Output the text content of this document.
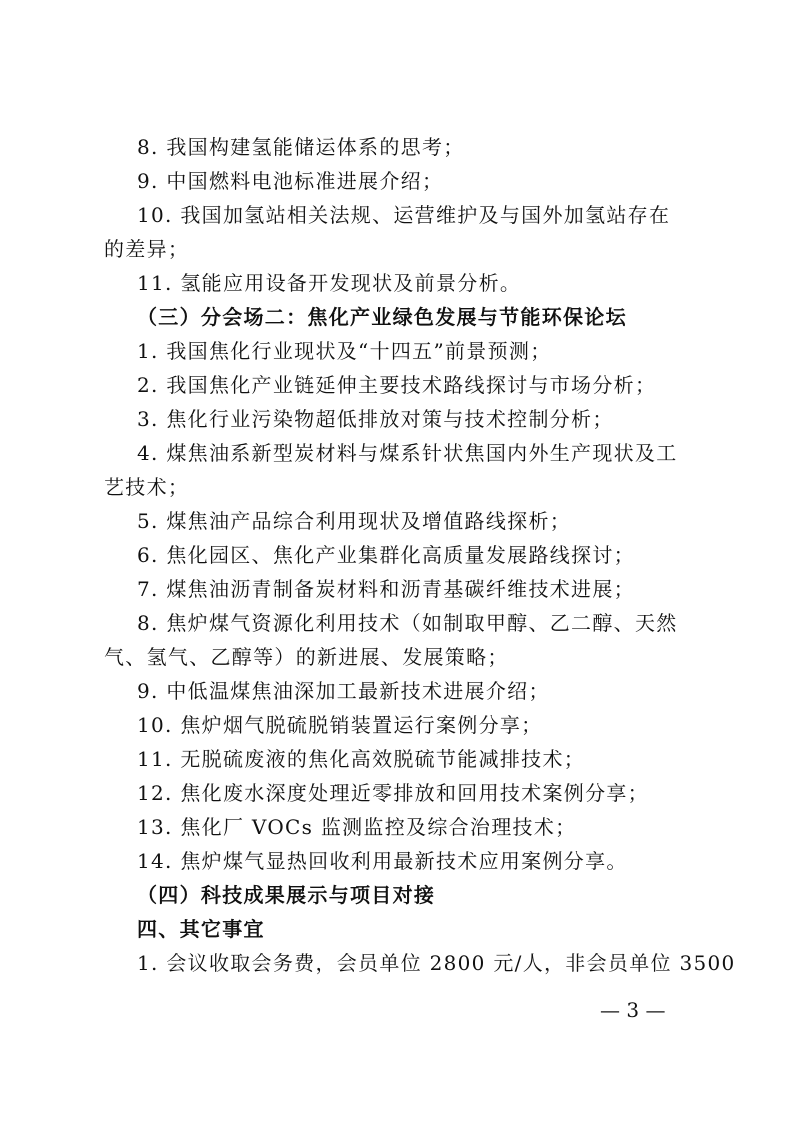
8. 我国构建氢能储运体系的思考；
9. 中国燃料电池标准进展介绍；
10. 我国加氢站相关法规、运营维护及与国外加氢站存在
的差异；
11. 氢能应用设备开发现状及前景分析。
（三）分会场二：焦化产业绿色发展与节能环保论坛
1. 我国焦化行业现状及“十四五”前景预测；
2. 我国焦化产业链延伸主要技术路线探讨与市场分析；
3. 焦化行业污染物超低排放对策与技术控制分析；
4. 煤焦油系新型炭材料与煤系针状焦国内外生产现状及工
艺技术；
5. 煤焦油产品综合利用现状及增值路线探析；
6. 焦化园区、焦化产业集群化高质量发展路线探讨；
7. 煤焦油沥青制备炭材料和沥青基碳纤维技术进展；
8. 焦炉煤气资源化利用技术（如制取甲醇、乙二醇、天然
气、氢气、乙醇等）的新进展、发展策略；
9. 中低温煤焦油深加工最新技术进展介绍；
10. 焦炉烟气脱硫脱销装置运行案例分享；
11. 无脱硫废液的焦化高效脱硫节能减排技术；
12. 焦化废水深度处理近零排放和回用技术案例分享；
13. 焦化厂 VOCs 监测监控及综合治理技术；
14. 焦炉煤气显热回收利用最新技术应用案例分享。
（四）科技成果展示与项目对接
四、其它事宜
1. 会议收取会务费，会员单位 2800 元/人，非会员单位 3500
— 3 —
